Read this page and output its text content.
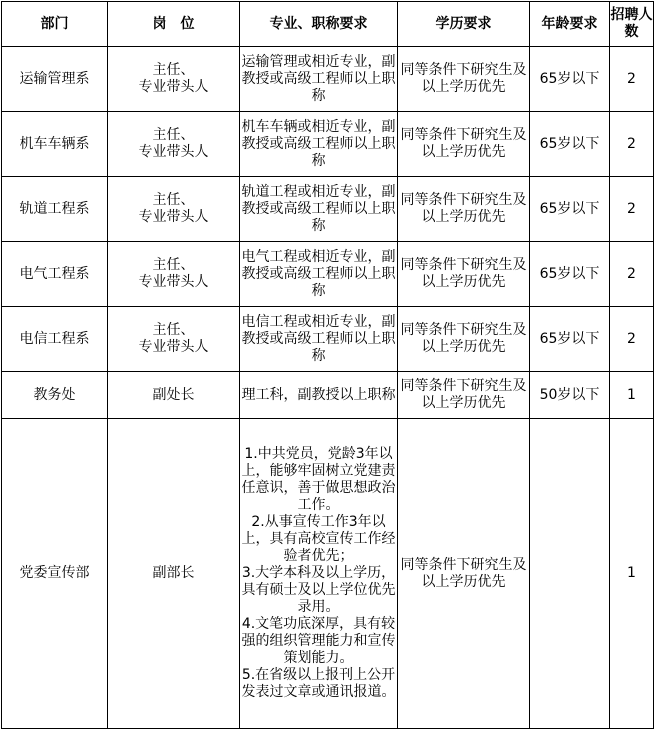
部门	岗　位	专业、职称要求	学历要求	年龄要求	招聘人数

运输管理系	主任、
专业带头人	运输管理或相近专业，副教授或高级工程师以上职称	同等条件下研究生及以上学历优先	65岁以下	2
机车车辆系	主任、
专业带头人	机车车辆或相近专业，副教授或高级工程师以上职称	同等条件下研究生及以上学历优先	65岁以下	2
轨道工程系	主任、
专业带头人	轨道工程或相近专业，副教授或高级工程师以上职称	同等条件下研究生及以上学历优先	65岁以下	2
电气工程系	主任、
专业带头人	电气工程或相近专业，副教授或高级工程师以上职称	同等条件下研究生及以上学历优先	65岁以下	2
电信工程系	主任、
专业带头人	电信工程或相近专业，副教授或高级工程师以上职称	同等条件下研究生及以上学历优先	65岁以下	2
教务处	副处长	理工科，副教授以上职称	同等条件下研究生及以上学历优先	50岁以下	1
党委宣传部	副部长	1.中共党员，党龄3年以上，能够牢固树立党建责任意识，善于做思想政治工作。
2.从事宣传工作3年以上，具有高校宣传工作经验者优先；
3.大学本科及以上学历，具有硕士及以上学位优先录用。
4.文笔功底深厚，具有较强的组织管理能力和宣传策划能力。
5.在省级以上报刊上公开发表过文章或通讯报道。	同等条件下研究生及以上学历优先		1
